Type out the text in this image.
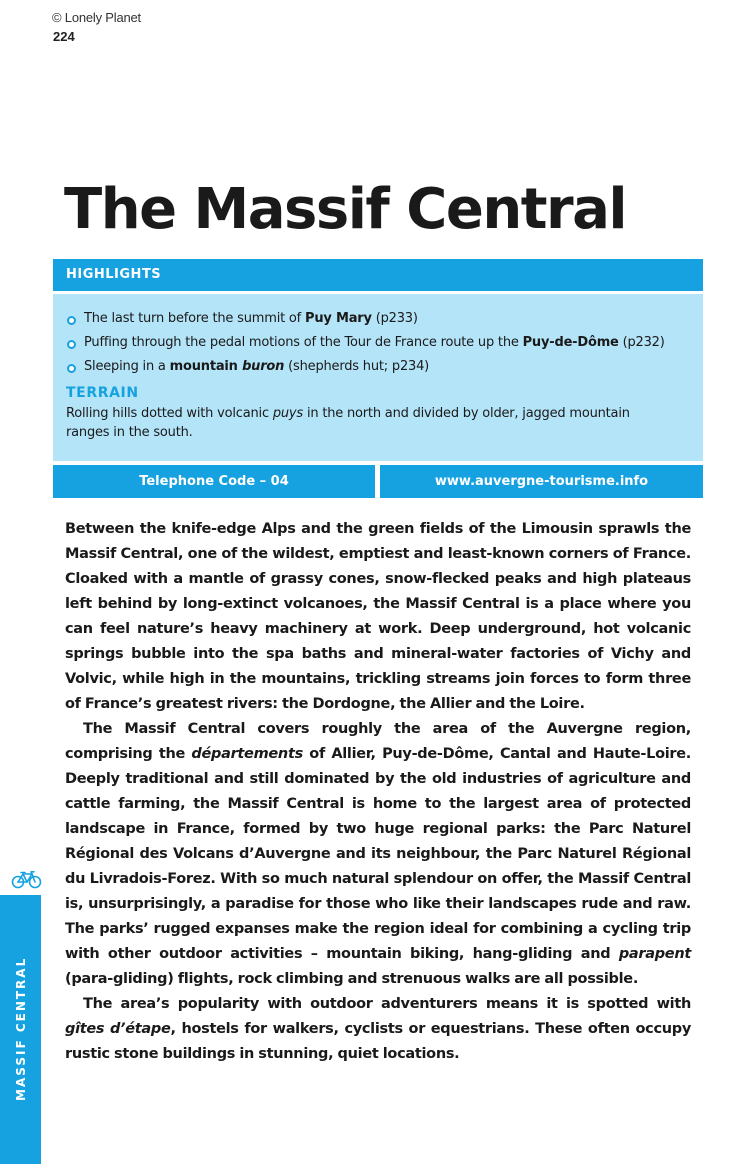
© Lonely Planet
224
The Massif Central
HIGHLIGHTS
The last turn before the summit of Puy Mary (p233)
Puffing through the pedal motions of the Tour de France route up the Puy-de-Dôme (p232)
Sleeping in a mountain buron (shepherds hut; p234)
TERRAIN
Rolling hills dotted with volcanic puys in the north and divided by older, jagged mountain ranges in the south.
Telephone Code – 04	www.auvergne-tourisme.info

Between the knife-edge Alps and the green fields of the Limousin sprawls the Massif Central, one of the wildest, emptiest and least-known corners of France. Cloaked with a mantle of grassy cones, snow-flecked peaks and high plateaus left behind by long-extinct volcanoes, the Massif Central is a place where you can feel nature’s heavy machinery at work. Deep underground, hot volcanic springs bubble into the spa baths and mineral-water factories of Vichy and Volvic, while high in the mountains, trickling streams join forces to form three of France’s greatest rivers: the Dordogne, the Allier and the Loire.

The Massif Central covers roughly the area of the Auvergne region, comprising the départements of Allier, Puy-de-Dôme, Cantal and Haute-Loire. Deeply traditional and still dominated by the old industries of agriculture and cattle farming, the Massif Central is home to the largest area of protected landscape in France, formed by two huge regional parks: the Parc Naturel Régional des Volcans d’Auvergne and its neighbour, the Parc Naturel Régional du Livradois-Forez. With so much natural splendour on offer, the Massif Central is, unsurprisingly, a paradise for those who like their landscapes rude and raw. The parks’ rugged expanses make the region ideal for combining a cycling trip with other outdoor activities – mountain biking, hang-gliding and parapent (para-gliding) flights, rock climbing and strenuous walks are all possible.

The area’s popularity with outdoor adventurers means it is spotted with gîtes d’étape, hostels for walkers, cyclists or equestrians. These often occupy rustic stone buildings in stunning, quiet locations.

MASSIF CENTRAL
